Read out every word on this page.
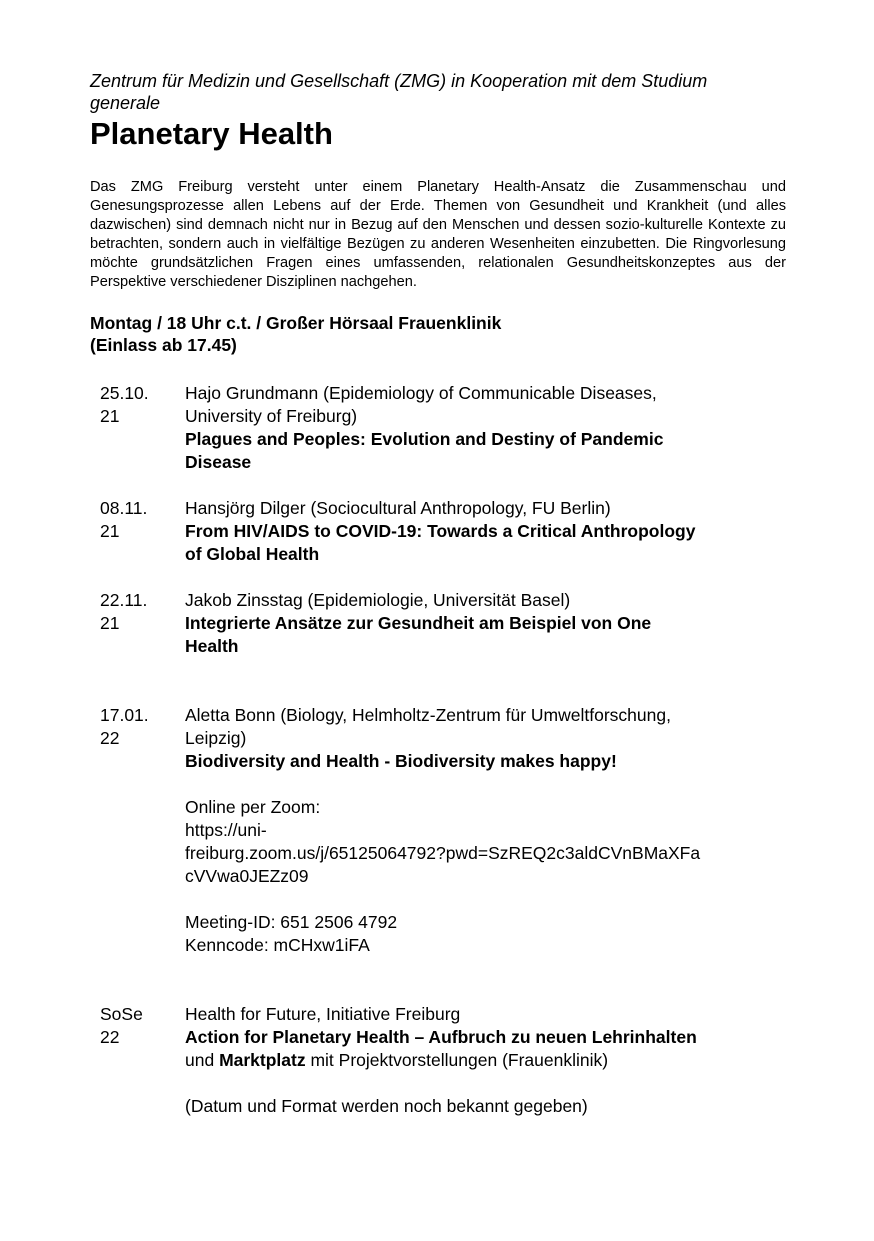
Zentrum für Medizin und Gesellschaft (ZMG) in Kooperation mit dem Studium
generale

Planetary Health

Das ZMG Freiburg versteht unter einem Planetary Health-Ansatz die Zusammenschau und Genesungsprozesse allen Lebens auf der Erde. Themen von Gesundheit und Krankheit (und alles dazwischen) sind demnach nicht nur in Bezug auf den Menschen und dessen sozio-kulturelle Kontexte zu betrachten, sondern auch in vielfältige Bezügen zu anderen Wesenheiten einzubetten. Die Ringvorlesung möchte grundsätzlichen Fragen eines umfassenden, relationalen Gesundheitskonzeptes aus der Perspektive verschiedener Disziplinen nachgehen.

Montag / 18 Uhr c.t. / Großer Hörsaal Frauenklinik
(Einlass ab 17.45)

25.10.
21
Hajo Grundmann (Epidemiology of Communicable Diseases,
University of Freiburg)
Plagues and Peoples: Evolution and Destiny of Pandemic
Disease
08.11.
21
Hansjörg Dilger (Sociocultural Anthropology, FU Berlin)
From HIV/AIDS to COVID-19: Towards a Critical Anthropology
of Global Health
22.11.
21
Jakob Zinsstag (Epidemiologie, Universität Basel)
Integrierte Ansätze zur Gesundheit am Beispiel von One
Health
17.01.
22
Aletta Bonn (Biology, Helmholtz-Zentrum für Umweltforschung,
Leipzig)
Biodiversity and Health - Biodiversity makes happy!
Online per Zoom:
https://uni-
freiburg.zoom.us/j/65125064792?pwd=SzREQ2c3aldCVnBMaXFa
cVVwa0JEZz09
Meeting-ID: 651 2506 4792
Kenncode: mCHxw1iFA
SoSe
22
Health for Future, Initiative Freiburg
Action for Planetary Health – Aufbruch zu neuen Lehrinhalten
und Marktplatz mit Projektvorstellungen (Frauenklinik)
(Datum und Format werden noch bekannt gegeben)
